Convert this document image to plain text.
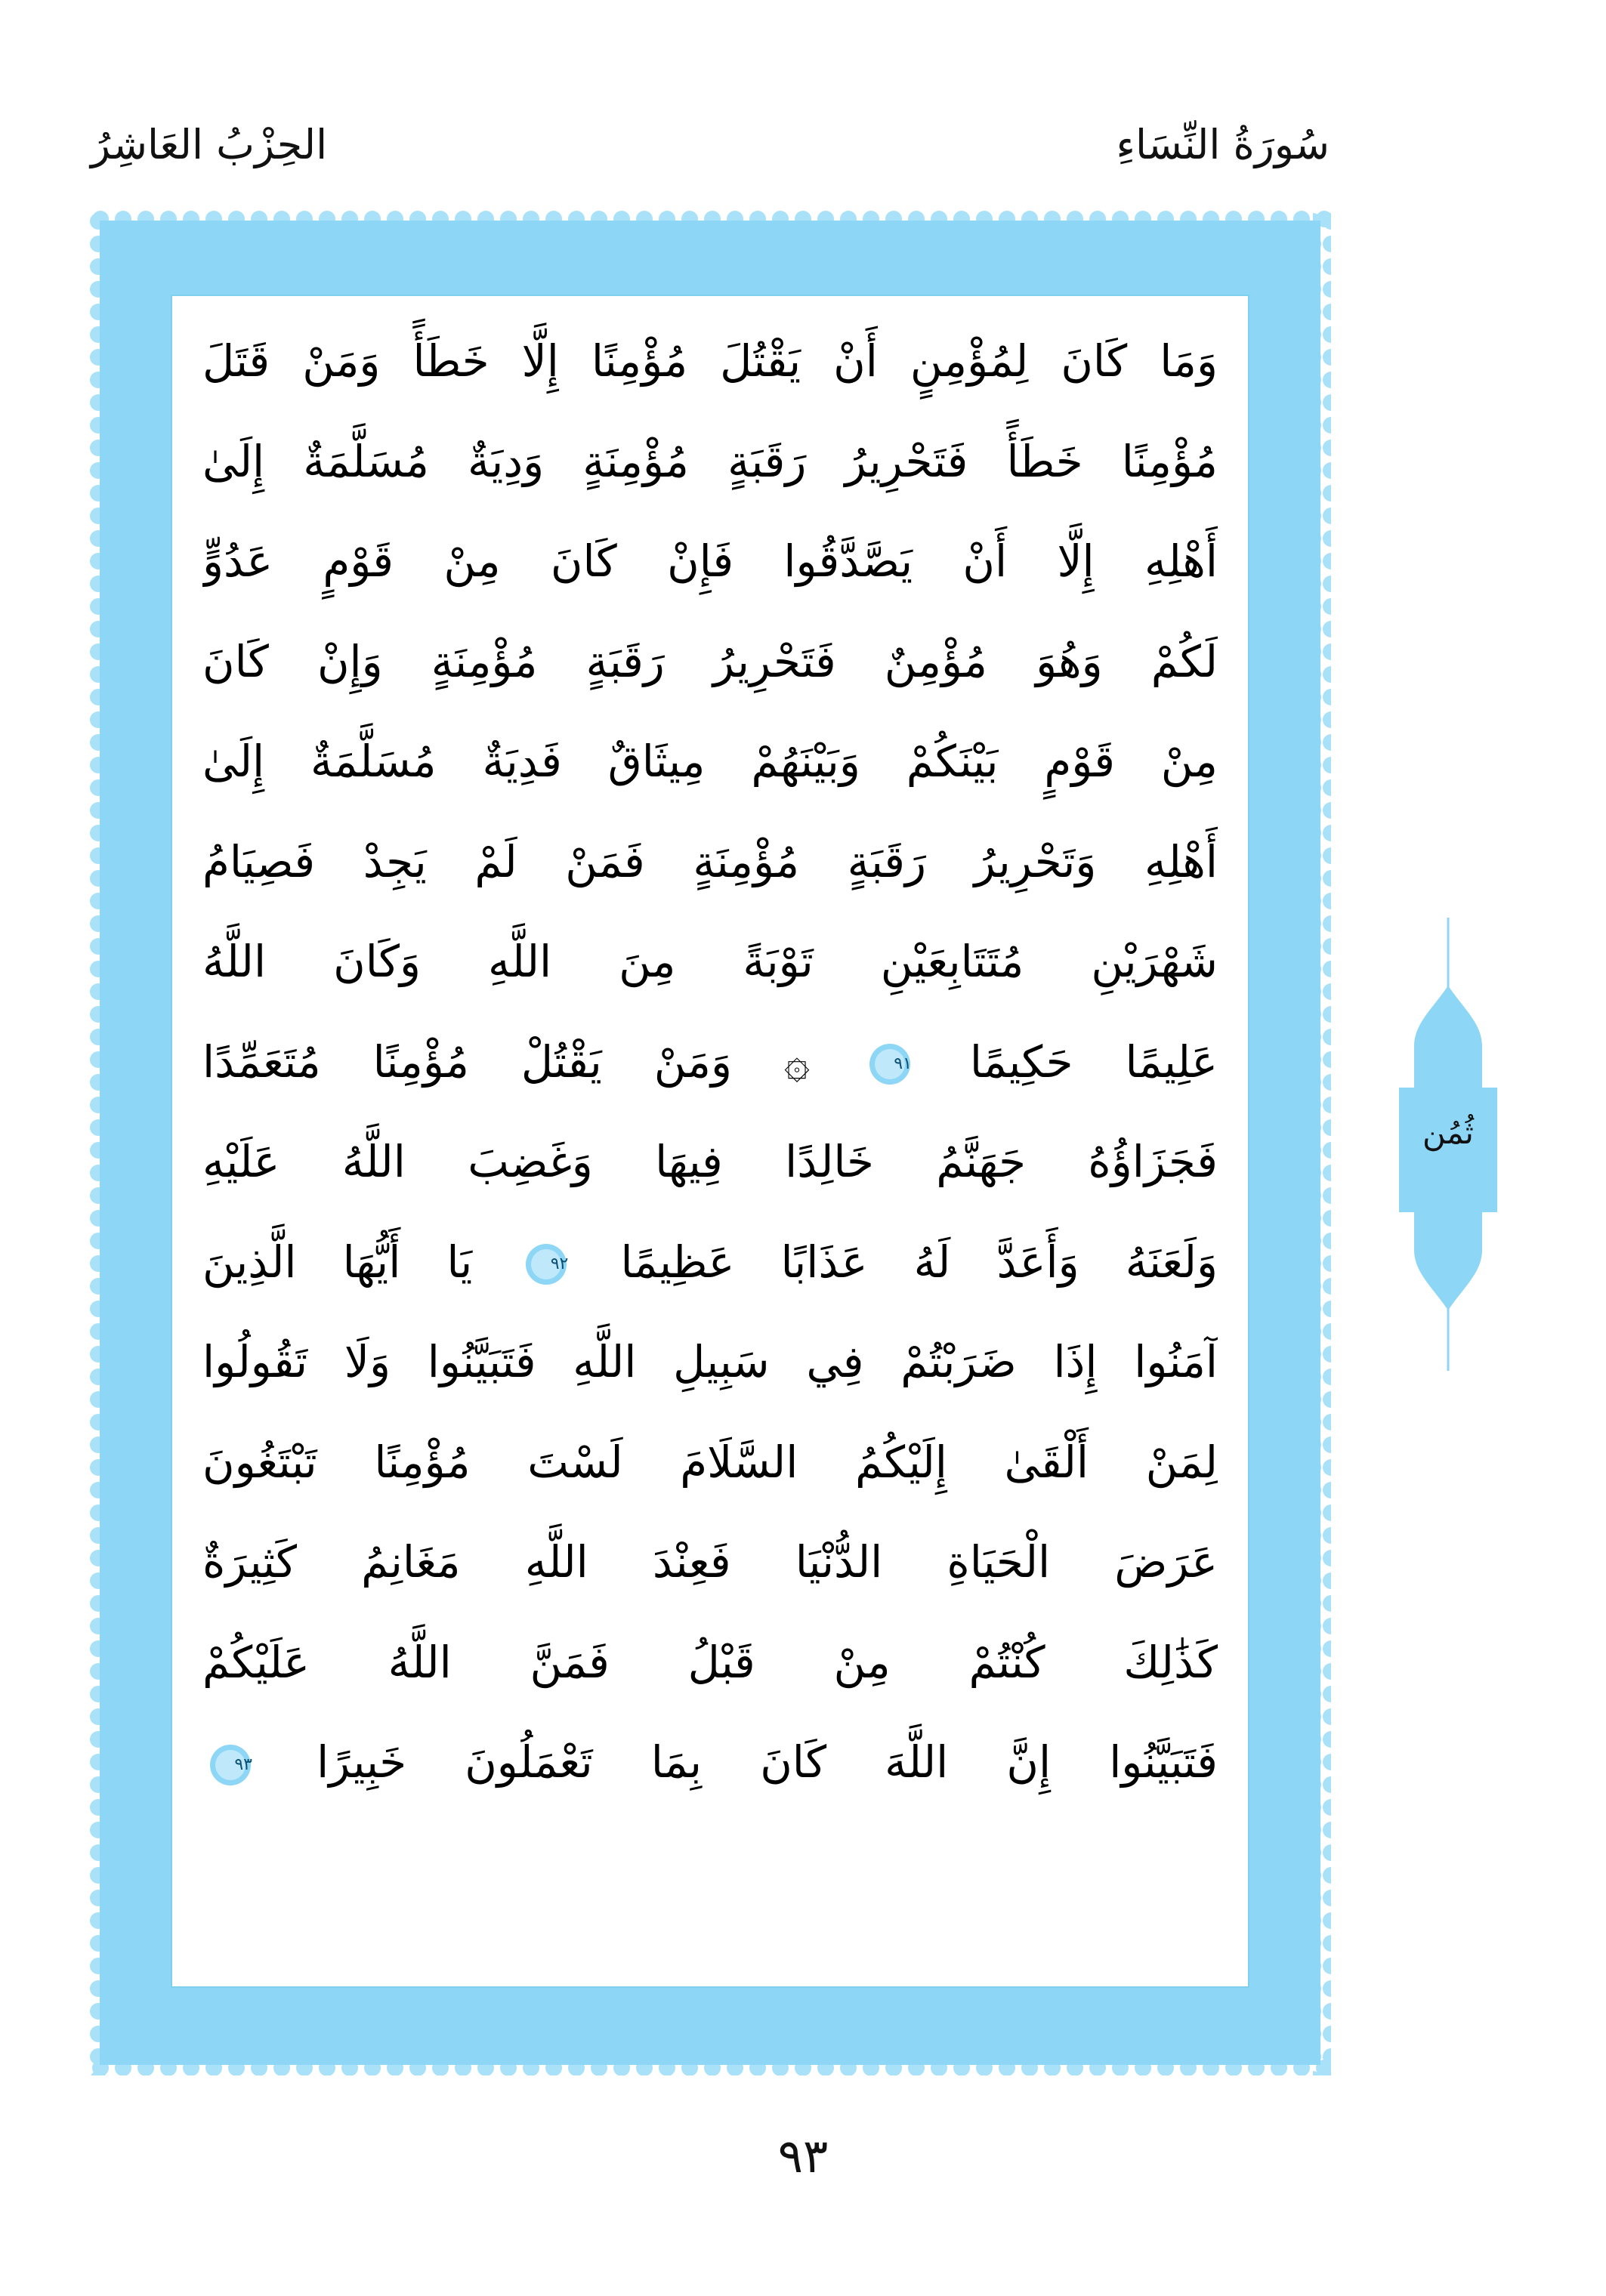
سُورَةُ النِّسَاءِ
الحِزْبُ العَاشِرُ
وَمَا كَانَ لِمُؤْمِنٍ أَنْ يَقْتُلَ مُؤْمِنًا إِلَّا خَطَأً وَمَنْ قَتَلَ
مُؤْمِنًا خَطَأً فَتَحْرِيرُ رَقَبَةٍ مُؤْمِنَةٍ وَدِيَةٌ مُسَلَّمَةٌ إِلَىٰ
أَهْلِهِ إِلَّا أَنْ يَصَّدَّقُوا فَإِنْ كَانَ مِنْ قَوْمٍ عَدُوٍّ
لَكُمْ وَهُوَ مُؤْمِنٌ فَتَحْرِيرُ رَقَبَةٍ مُؤْمِنَةٍ وَإِنْ كَانَ
مِنْ قَوْمٍ بَيْنَكُمْ وَبَيْنَهُمْ مِيثَاقٌ فَدِيَةٌ مُسَلَّمَةٌ إِلَىٰ
أَهْلِهِ وَتَحْرِيرُ رَقَبَةٍ مُؤْمِنَةٍ فَمَنْ لَمْ يَجِدْ فَصِيَامُ
شَهْرَيْنِ مُتَتَابِعَيْنِ تَوْبَةً مِنَ اللَّهِ وَكَانَ اللَّهُ
عَلِيمًا حَكِيمًا
٩١
۞ وَمَنْ يَقْتُلْ مُؤْمِنًا مُتَعَمِّدًا
فَجَزَاؤُهُ جَهَنَّمُ خَالِدًا فِيهَا وَغَضِبَ اللَّهُ عَلَيْهِ
وَلَعَنَهُ وَأَعَدَّ لَهُ عَذَابًا عَظِيمًا
٩٢
يَا أَيُّهَا الَّذِينَ
آمَنُوا إِذَا ضَرَبْتُمْ فِي سَبِيلِ اللَّهِ فَتَبَيَّنُوا وَلَا تَقُولُوا
لِمَنْ أَلْقَىٰ إِلَيْكُمُ السَّلَامَ لَسْتَ مُؤْمِنًا تَبْتَغُونَ
عَرَضَ الْحَيَاةِ الدُّنْيَا فَعِنْدَ اللَّهِ مَغَانِمُ كَثِيرَةٌ
كَذَٰلِكَ كُنْتُمْ مِنْ قَبْلُ فَمَنَّ اللَّهُ عَلَيْكُمْ
فَتَبَيَّنُوا إِنَّ اللَّهَ كَانَ بِمَا تَعْمَلُونَ خَبِيرًا
٩٣
ثُمُن
٩٣
